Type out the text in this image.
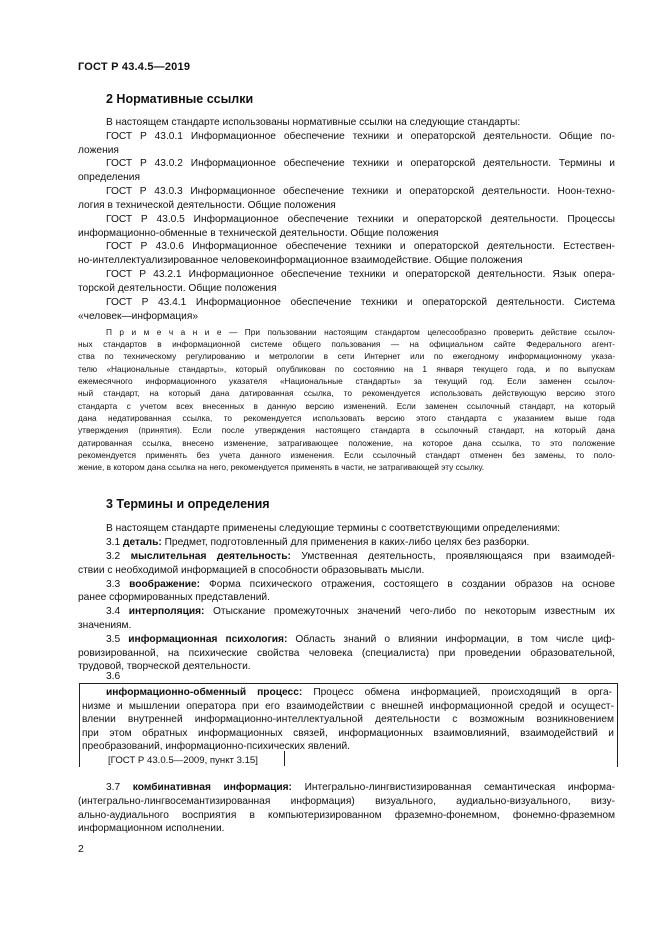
ГОСТ Р 43.4.5—2019
2 Нормативные ссылки
В настоящем стандарте использованы нормативные ссылки на следующие стандарты:
ГОСТ Р 43.0.1 Информационное обеспечение техники и операторской деятельности. Общие по-
ложения
ГОСТ Р 43.0.2 Информационное обеспечение техники и операторской деятельности. Термины и
определения
ГОСТ Р 43.0.3 Информационное обеспечение техники и операторской деятельности. Ноон-техно-
логия в технической деятельности. Общие положения
ГОСТ Р 43.0.5 Информационное обеспечение техники и операторской деятельности. Процессы
информационно-обменные в технической деятельности. Общие положения
ГОСТ Р 43.0.6 Информационное обеспечение техники и операторской деятельности. Естествен-
но-интеллектуализированное человекоинформационное взаимодействие. Общие положения
ГОСТ Р 43.2.1 Информационное обеспечение техники и операторской деятельности. Язык опера-
торской деятельности. Общие положения
ГОСТ Р 43.4.1 Информационное обеспечение техники и операторской деятельности. Система
«человек—информация»
П р и м е ч а н и е — При пользовании настоящим стандартом целесообразно проверить действие ссылоч-
ных стандартов в информационной системе общего пользования — на официальном сайте Федерального агент-
ства по техническому регулированию и метрологии в сети Интернет или по ежегодному информационному указа-
телю «Национальные стандарты», который опубликован по состоянию на 1 января текущего года, и по выпускам
ежемесячного информационного указателя «Национальные стандарты» за текущий год. Если заменен ссылоч-
ный стандарт, на который дана датированная ссылка, то рекомендуется использовать действующую версию этого
стандарта с учетом всех внесенных в данную версию изменений. Если заменен ссылочный стандарт, на который
дана недатированная ссылка, то рекомендуется использовать версию этого стандарта с указанием выше года
утверждения (принятия). Если после утверждения настоящего стандарта в ссылочный стандарт, на который дана
датированная ссылка, внесено изменение, затрагивающее положение, на которое дана ссылка, то это положение
рекомендуется применять без учета данного изменения. Если ссылочный стандарт отменен без замены, то поло-
жение, в котором дана ссылка на него, рекомендуется применять в части, не затрагивающей эту ссылку.
3 Термины и определения
В настоящем стандарте применены следующие термины с соответствующими определениями:
3.1 деталь: Предмет, подготовленный для применения в каких-либо целях без разборки.
3.2 мыслительная деятельность: Умственная деятельность, проявляющаяся при взаимодей-
ствии с необходимой информацией в способности образовывать мысли.
3.3 воображение: Форма психического отражения, состоящего в создании образов на основе
ранее сформированных представлений.
3.4 интерполяция: Отыскание промежуточных значений чего-либо по некоторым известным их
значениям.
3.5 информационная психология: Область знаний о влиянии информации, в том числе циф-
ровизированной, на психические свойства человека (специалиста) при проведении образовательной,
трудовой, творческой деятельности.
3.6
информационно-обменный процесс: Процесс обмена информацией, происходящий в орга-
низме и мышлении оператора при его взаимодействии с внешней информационной средой и осущест-
влении внутренней информационно-интеллектуальной деятельности с возможным возникновением
при этом обратных информационных связей, информационных взаимовлияний, взаимодействий и
преобразований, информационно-психических явлений.
[ГОСТ Р 43.0.5—2009, пункт 3.15]
3.7 комбинативная информация: Интегрально-лингвистизированная семантическая информа-
(интегрально-лингвосемантизированная информация) визуального, аудиально-визуального, визу-
ально-аудиального восприятия в компьютеризированном фраземно-фонемном, фонемно-фраземном
информационном исполнении.
2
